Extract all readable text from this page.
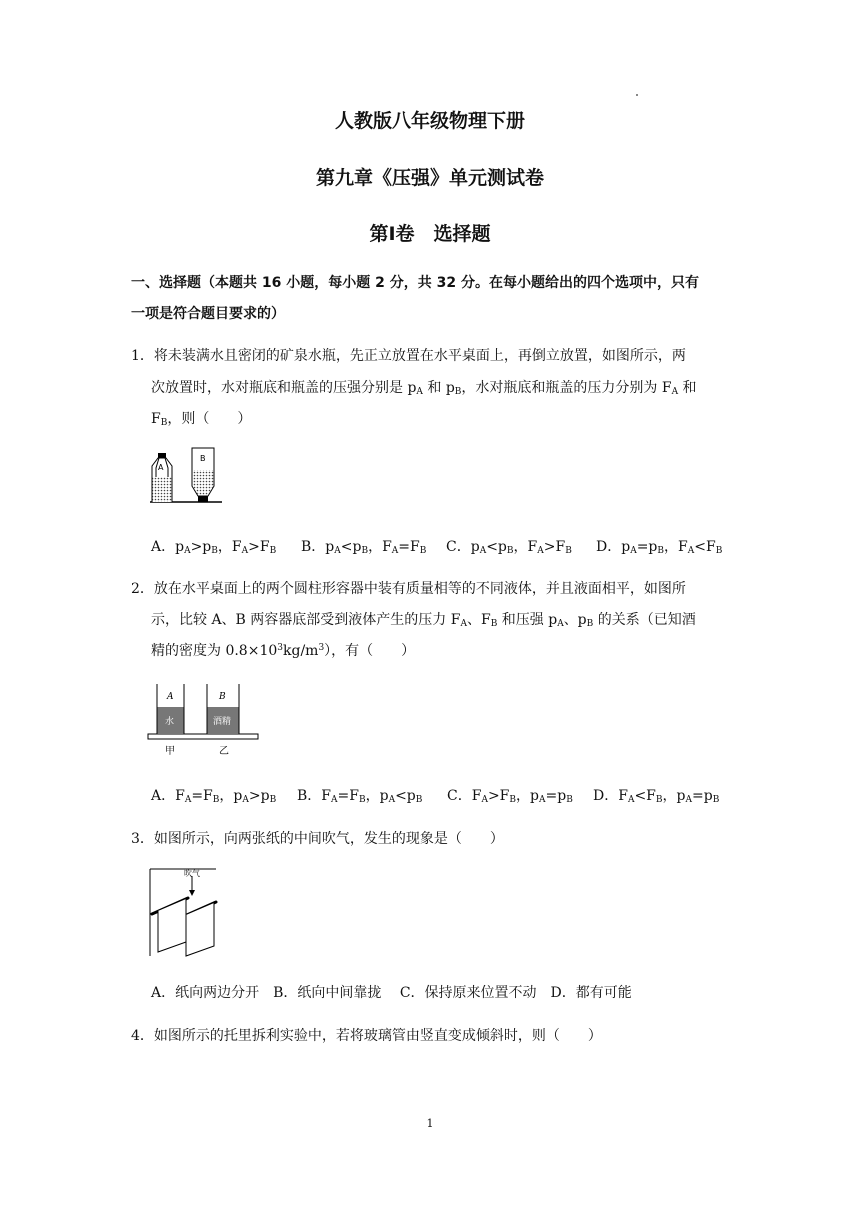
人教版八年级物理下册
第九章《压强》单元测试卷
第Ⅰ卷　选择题
一、选择题（本题共 16 小题，每小题 2 分，共 32 分。在每小题给出的四个选项中，只有
一项是符合题目要求的）
1．将未装满水且密闭的矿泉水瓶，先正立放置在水平桌面上，再倒立放置，如图所示，两
次放置时，水对瓶底和瓶盖的压强分别是 $p_A$ 和 $p_B$，水对瓶底和瓶盖的压力分别为 $F_A$ 和
$F_B$，则（　　）
A
B
A．$p_A>p_B$，$F_A>F_B$ B．$p_A<p_B$，$F_A=F_B$ C．$p_A<p_B$，$F_A>F_B$ D．$p_A=p_B$，$F_A<F_B$
2．放在水平桌面上的两个圆柱形容器中装有质量相等的不同液体，并且液面相平，如图所
示，比较 A、B 两容器底部受到液体产生的压力 $F_A$、$F_B$ 和压强 $p_A$、$p_B$ 的关系（已知酒
精的密度为 $0.8\times 10^3kg/m^3$），有（　　）
A	B
水	酒精
甲	乙
A．$F_A=F_B$，$p_A>p_B$ B．$F_A=F_B$，$p_A<p_B$ C．$F_A>F_B$，$p_A=p_B$ D．$F_A<F_B$，$p_A=p_B$
3．如图所示，向两张纸的中间吹气，发生的现象是（　　）
吹气
A．纸向两边分开　B．纸向中间靠拢　 C．保持原来位置不动　D．都有可能
4．如图所示的托里拆利实验中，若将玻璃管由竖直变成倾斜时，则（　　）
1
